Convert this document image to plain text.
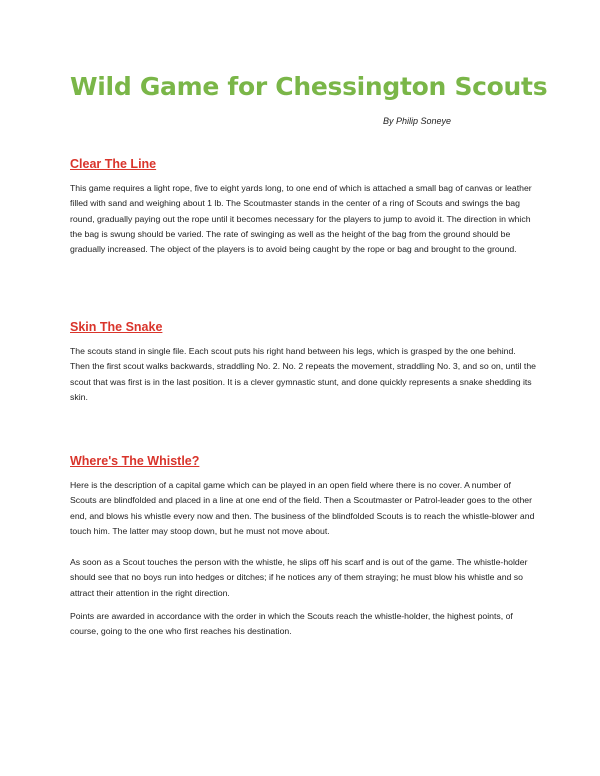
Wild Game for Chessington Scouts
By Philip Soneye
Clear The Line

This game requires a light rope, five to eight yards long, to one end of which is attached a small bag of canvas or leather filled with sand and weighing about 1 lb. The Scoutmaster stands in the center of a ring of Scouts and swings the bag round, gradually paying out the rope until it becomes necessary for the players to jump to avoid it. The direction in which the bag is swung should be varied. The rate of swinging as well as the height of the bag from the ground should be gradually increased. The object of the players is to avoid being caught by the rope or bag and brought to the ground.

Skin The Snake

The scouts stand in single file. Each scout puts his right hand between his legs, which is grasped by the one behind. Then the first scout walks backwards, straddling No. 2. No. 2 repeats the movement, straddling No. 3, and so on, until the scout that was first is in the last position. It is a clever gymnastic stunt, and done quickly represents a snake shedding its skin.

Where's The Whistle?

Here is the description of a capital game which can be played in an open field where there is no cover. A number of Scouts are blindfolded and placed in a line at one end of the field. Then a Scoutmaster or Patrol-leader goes to the other end, and blows his whistle every now and then. The business of the blindfolded Scouts is to reach the whistle-blower and touch him. The latter may stoop down, but he must not move about.

As soon as a Scout touches the person with the whistle, he slips off his scarf and is out of the game. The whistle-holder should see that no boys run into hedges or ditches; if he notices any of them straying; he must blow his whistle and so attract their attention in the right direction.

Points are awarded in accordance with the order in which the Scouts reach the whistle-holder, the highest points, of course, going to the one who first reaches his destination.
